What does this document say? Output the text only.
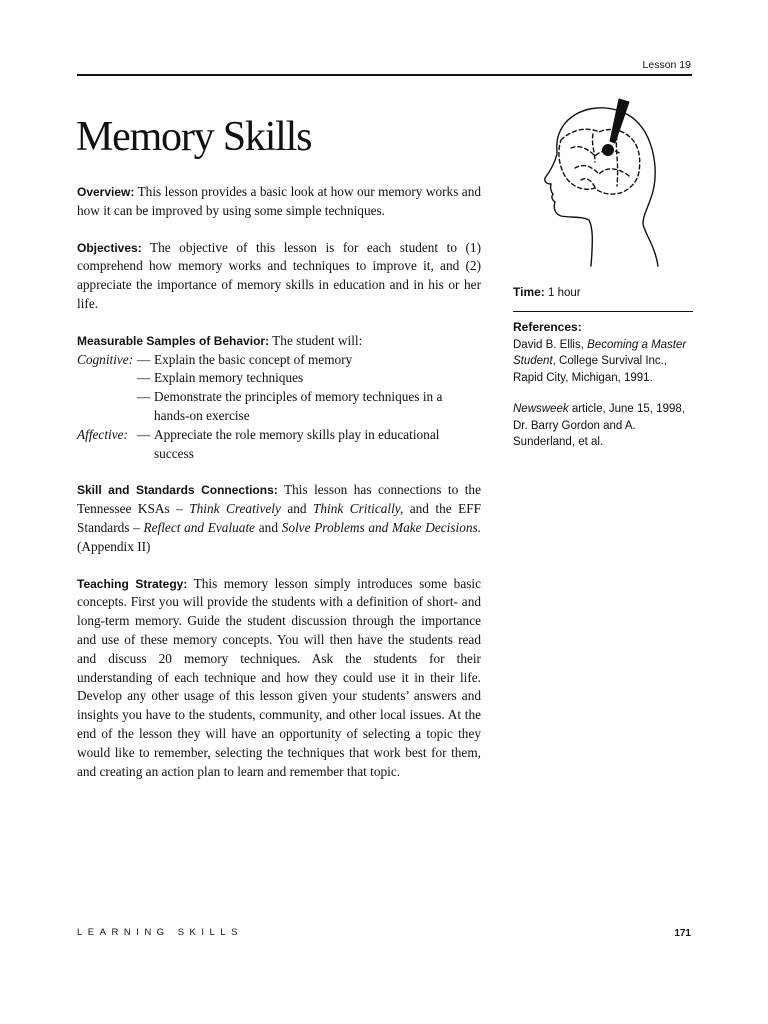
Lesson 19
Memory Skills

Overview: This lesson provides a basic look at how our memory works and how it can be improved by using some simple techniques.

Objectives: The objective of this lesson is for each student to (1) comprehend how memory works and techniques to improve it, and (2) appreciate the importance of memory skills in education and in his or her life.

Measurable Samples of Behavior: The student will:
Cognitive: — Explain the basic concept of memory
— Explain memory techniques
— Demonstrate the principles of memory techniques in a hands-on exercise
Affective: — Appreciate the role memory skills play in educational success

Skill and Standards Connections: This lesson has connections to the Tennessee KSAs – Think Creatively and Think Critically, and the EFF Standards – Reflect and Evaluate and Solve Problems and Make Decisions. (Appendix II)

Teaching Strategy: This memory lesson simply introduces some basic concepts. First you will provide the students with a definition of short- and long-term memory. Guide the student discussion through the importance and use of these memory concepts. You will then have the students read and discuss 20 memory techniques. Ask the students for their understanding of each technique and how they could use it in their life. Develop any other usage of this lesson given your students’ answers and insights you have to the students, community, and other local issues. At the end of the lesson they will have an opportunity of selecting a topic they would like to remember, selecting the techniques that work best for them, and creating an action plan to learn and remember that topic.

Time: 1 hour
References:

David B. Ellis, Becoming a Master Student, College Survival Inc., Rapid City, Michigan, 1991.

Newsweek article, June 15, 1998, Dr. Barry Gordon and A. Sunderland, et al.

LEARNING SKILLS	171
